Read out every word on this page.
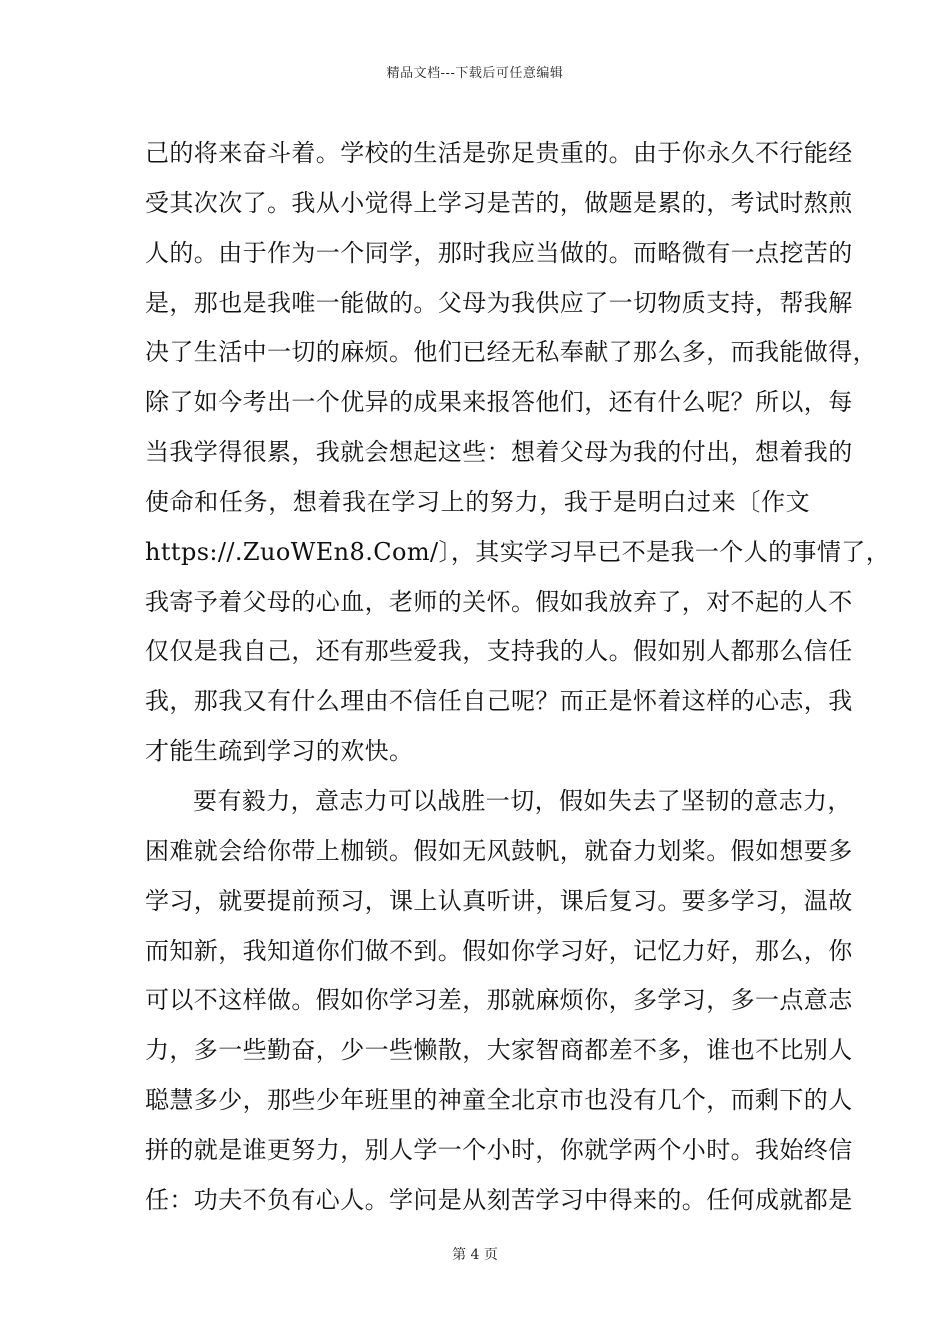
精品文档---下载后可任意编辑
己的将来奋斗着。学校的生活是弥足贵重的。由于你永久不行能经
受其次次了。我从小觉得上学习是苦的，做题是累的，考试时熬煎
人的。由于作为一个同学，那时我应当做的。而略微有一点挖苦的
是，那也是我唯一能做的。父母为我供应了一切物质支持，帮我解
决了生活中一切的麻烦。他们已经无私奉献了那么多，而我能做得，
除了如今考出一个优异的成果来报答他们，还有什么呢？所以，每
当我学得很累，我就会想起这些：想着父母为我的付出，想着我的
使命和任务，想着我在学习上的努力，我于是明白过来〔作文
https://.ZuoWEn8.Com/〕，其实学习早已不是我一个人的事情了，
我寄予着父母的心血，老师的关怀。假如我放弃了，对不起的人不
仅仅是我自己，还有那些爱我，支持我的人。假如别人都那么信任
我，那我又有什么理由不信任自己呢？而正是怀着这样的心志，我
才能生疏到学习的欢快。
要有毅力，意志力可以战胜一切，假如失去了坚韧的意志力，
困难就会给你带上枷锁。假如无风鼓帆，就奋力划桨。假如想要多
学习，就要提前预习，课上认真听讲，课后复习。要多学习，温故
而知新，我知道你们做不到。假如你学习好，记忆力好，那么，你
可以不这样做。假如你学习差，那就麻烦你，多学习，多一点意志
力，多一些勤奋，少一些懒散，大家智商都差不多，谁也不比别人
聪慧多少，那些少年班里的神童全北京市也没有几个，而剩下的人
拼的就是谁更努力，别人学一个小时，你就学两个小时。我始终信
任：功夫不负有心人。学问是从刻苦学习中得来的。任何成就都是
第 4 页
